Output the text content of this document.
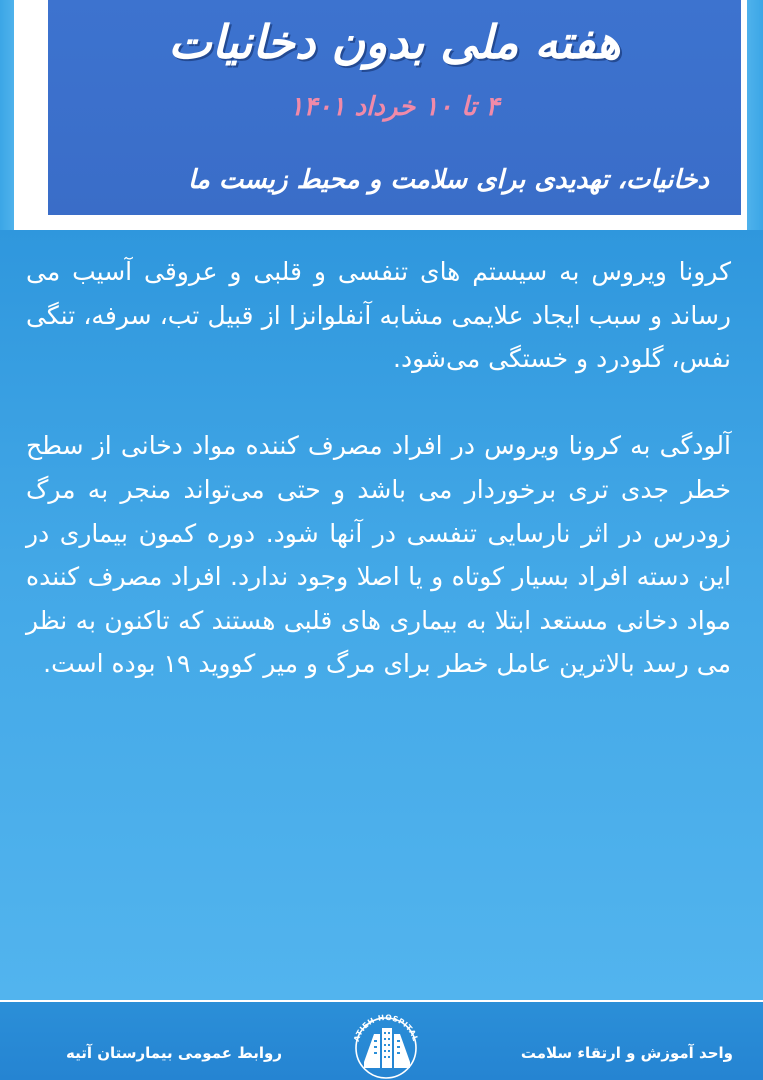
هفته ملی بدون دخانیات
۴ تا ۱۰ خرداد ۱۴۰۱
دخانیات، تهدیدی برای سلامت و محیط زیست ما

کرونا ویروس به سیستم های تنفسی و قلبی و عروقی آسیب می رساند و سبب ایجاد علایمی مشابه آنفلوانزا از قبیل تب، سرفه، تنگی نفس، گلودرد و خستگی می‌شود.

آلودگی به کرونا ویروس در افراد مصرف کننده مواد دخانی از سطح خطر جدی تری برخوردار می باشد و حتی می‌تواند منجر به مرگ زودرس در اثر نارسایی تنفسی در آنها شود. دوره کمون بیماری در این دسته افراد بسیار کوتاه و یا اصلا وجود ندارد. افراد مصرف کننده مواد دخانی مستعد ابتلا به بیماری های قلبی هستند که تاکنون به نظر می رسد بالاترین عامل خطر برای مرگ و میر کووید ۱۹ بوده است.

واحد آموزش و ارتقاء سلامت
ATIEH HOSPITAL
روابط عمومی بیمارستان آتیه
